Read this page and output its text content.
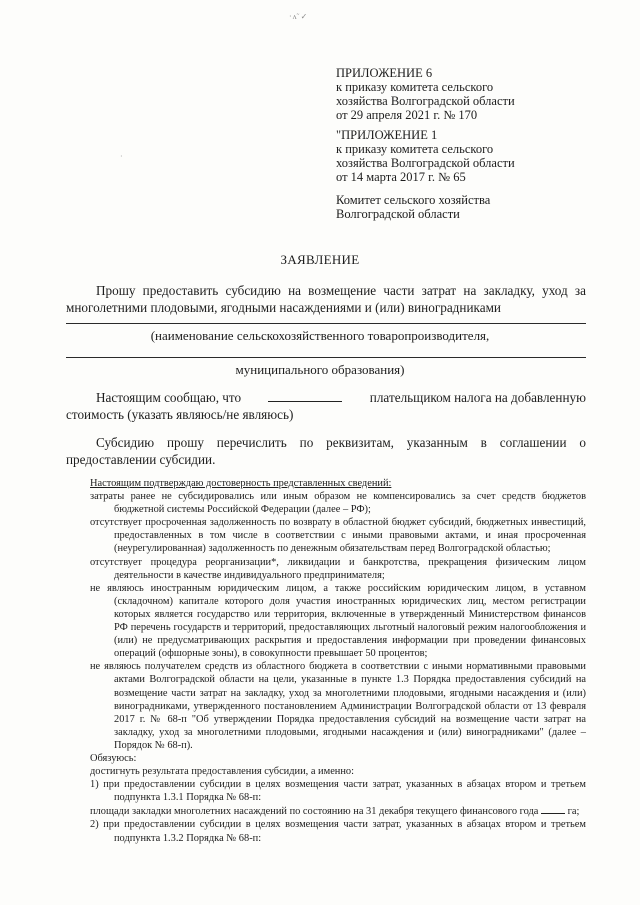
·ʌ̃ ✓
·
ПРИЛОЖЕНИЕ 6
к приказу комитета сельского
хозяйства Волгоградской области
от 29 апреля 2021 г. № 170
"ПРИЛОЖЕНИЕ 1
к приказу комитета сельского
хозяйства Волгоградской области
от 14 марта 2017 г. № 65
Комитет сельского хозяйства
Волгоградской области
ЗАЯВЛЕНИЕ
Прошу предоставить субсидию на возмещение части затрат на закладку, уход за
многолетними плодовыми, ягодными насаждениями и (или) виноградниками
(наименование сельскохозяйственного товаропроизводителя,
муниципального образования)
Настоящим сообщаю, что	плательщиком налога на добавленную
стоимость (указать являюсь/не являюсь)
Субсидию прошу перечислить по реквизитам, указанным в соглашении о
предоставлении субсидии.
Настоящим подтверждаю достоверность представленных сведений:
затраты ранее не субсидировались или иным образом не компенсировались за счет средств бюджетов бюджетной системы Российской Федерации (далее – РФ);
отсутствует просроченная задолженность по возврату в областной бюджет субсидий, бюджетных инвестиций, предоставленных в том числе в соответствии с иными правовыми актами, и иная просроченная (неурегулированная) задолженность по денежным обязательствам перед Волгоградской областью;
отсутствует процедура реорганизации*, ликвидации и банкротства, прекращения физическим лицом деятельности в качестве индивидуального предпринимателя;
не являюсь иностранным юридическим лицом, а также российским юридическим лицом, в уставном (складочном) капитале которого доля участия иностранных юридических лиц, местом регистрации которых является государство или территория, включенные в утвержденный Министерством финансов РФ перечень государств и территорий, предоставляющих льготный налоговый режим налогообложения и (или) не предусматривающих раскрытия и предоставления информации при проведении финансовых операций (офшорные зоны), в совокупности превышает 50 процентов;
не являюсь получателем средств из областного бюджета в соответствии с иными нормативными правовыми актами Волгоградской области на цели, указанные в пункте 1.3 Порядка предоставления субсидий на возмещение части затрат на закладку, уход за многолетними плодовыми, ягодными насаждения и (или) виноградниками, утвержденного постановлением Администрации Волгоградской области от 13 февраля 2017 г. № 68-п "Об утверждении Порядка предоставления субсидий на возмещение части затрат на закладку, уход за многолетними плодовыми, ягодными насаждения и (или) виноградниками" (далее – Порядок № 68-п).
Обязуюсь:
достигнуть результата предоставления субсидии, а именно:
1) при предоставлении субсидии в целях возмещения части затрат, указанных в абзацах втором и третьем подпункта 1.3.1 Порядка № 68-п:
площади закладки многолетних насаждений по состоянию на 31 декабря текущего финансового года	га;
2) при предоставлении субсидии в целях возмещения части затрат, указанных в абзацах втором и третьем подпункта 1.3.2 Порядка № 68-п:
